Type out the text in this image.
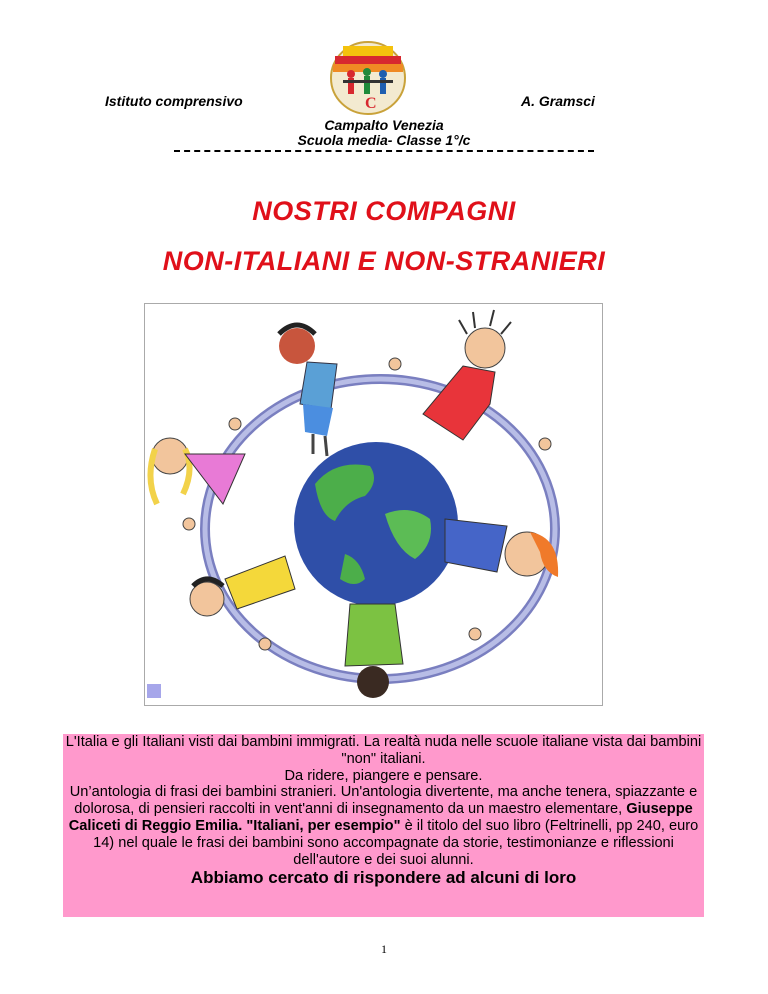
Istituto comprensivo	C	A. Gramsci
Campalto Venezia
Scuola media- Classe 1°/c
NOSTRI COMPAGNI
NON-ITALIANI E NON-STRANIERI

L'Italia e gli Italiani visti dai bambini immigrati. La realtà nuda nelle scuole italiane vista dai bambini "non" italiani.

Da ridere, piangere e pensare.

Un’antologia di frasi dei bambini stranieri. Un'antologia divertente, ma anche tenera, spiazzante e dolorosa, di pensieri raccolti in vent'anni di insegnamento da un maestro elementare, Giuseppe Caliceti di Reggio Emilia. "Italiani, per esempio" è il titolo del suo libro (Feltrinelli, pp 240, euro 14) nel quale le frasi dei bambini sono accompagnate da storie, testimonianze e riflessioni dell'autore e dei suoi alunni.

Abbiamo cercato di rispondere ad alcuni di loro

1
